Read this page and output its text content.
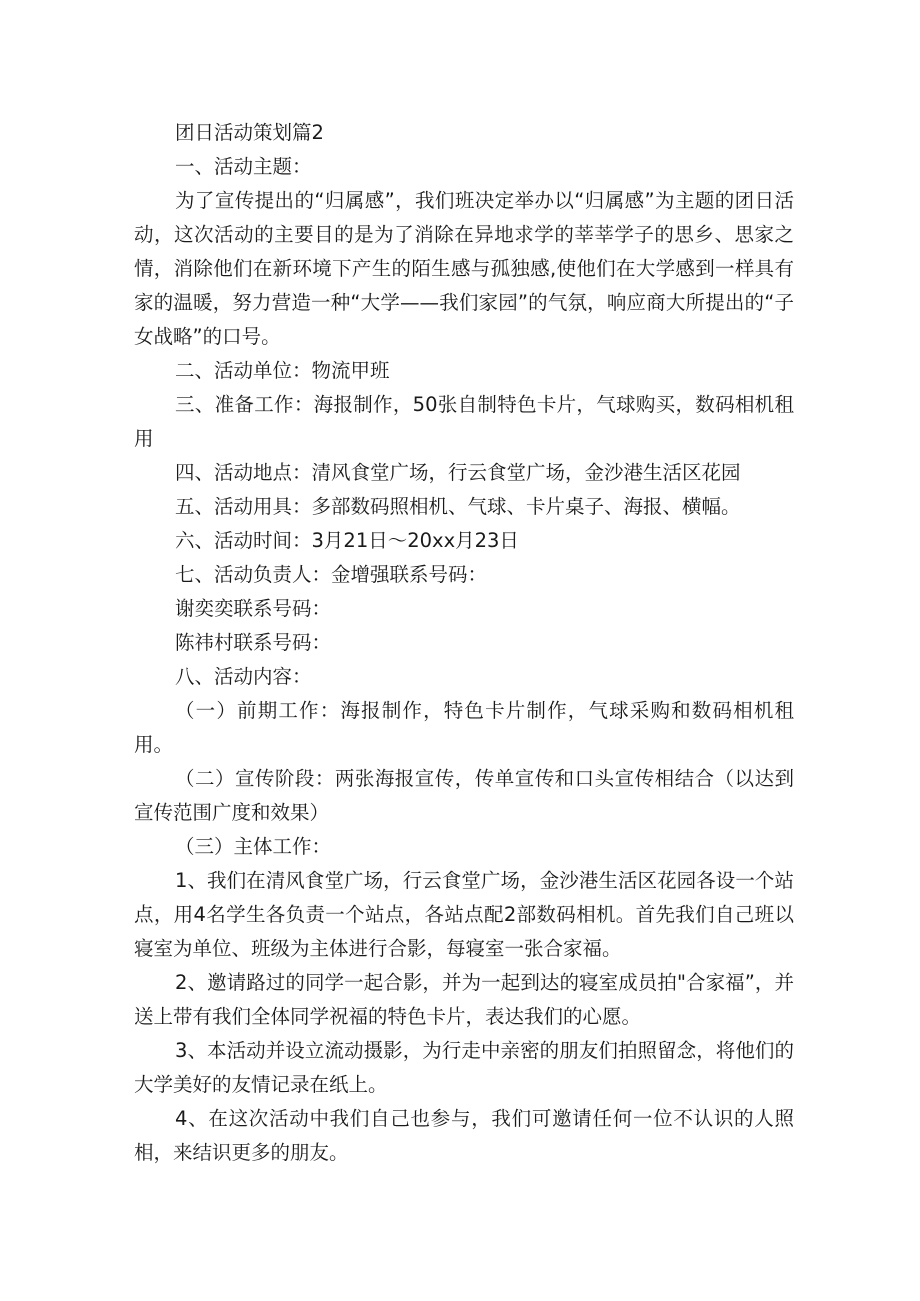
团日活动策划篇2

一、活动主题：

为了宣传提出的“归属感”，我们班决定举办以“归属感”为主题的团日活动，这次活动的主要目的是为了消除在异地求学的莘莘学子的思乡、思家之情，消除他们在新环境下产生的陌生感与孤独感,使他们在大学感到一样具有家的温暖，努力营造一种“大学——我们家园”的气氛，响应商大所提出的“子女战略”的口号。

二、活动单位：物流甲班

三、准备工作：海报制作，50张自制特色卡片，气球购买，数码相机租用

四、活动地点：清风食堂广场，行云食堂广场，金沙港生活区花园

五、活动用具：多部数码照相机、气球、卡片桌子、海报、横幅。

六、活动时间：3月21日～20xx月23日

七、活动负责人：金增强联系号码：

谢奕奕联系号码：

陈祎村联系号码：

八、活动内容：

（一）前期工作：海报制作，特色卡片制作，气球采购和数码相机租用。

（二）宣传阶段：两张海报宣传，传单宣传和口头宣传相结合（以达到宣传范围广度和效果）

（三）主体工作：

1、我们在清风食堂广场，行云食堂广场，金沙港生活区花园各设一个站点，用4名学生各负责一个站点，各站点配2部数码相机。首先我们自己班以寝室为单位、班级为主体进行合影，每寝室一张合家福。

2、邀请路过的同学一起合影，并为一起到达的寝室成员拍"合家福”，并送上带有我们全体同学祝福的特色卡片，表达我们的心愿。

3、本活动并设立流动摄影，为行走中亲密的朋友们拍照留念，将他们的大学美好的友情记录在纸上。

4、在这次活动中我们自己也参与，我们可邀请任何一位不认识的人照相，来结识更多的朋友。
